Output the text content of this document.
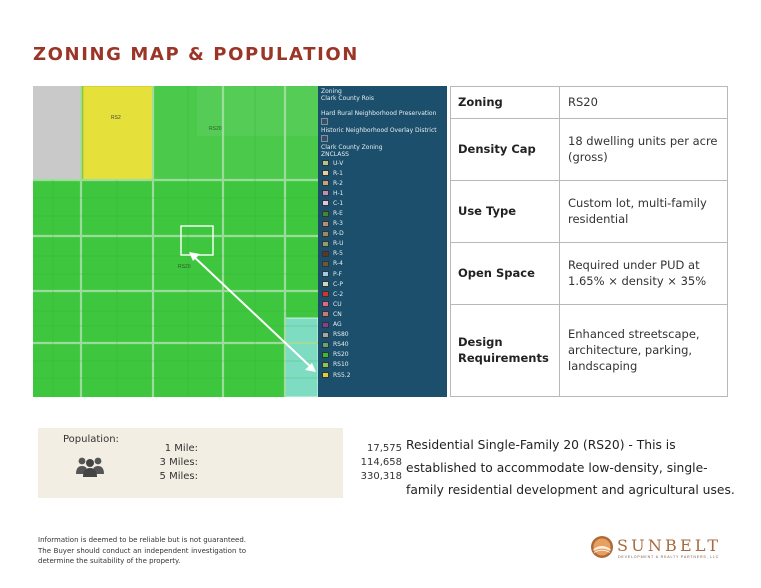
ZONING MAP & POPULATION
RS2
RS20
RS20
Zoning
Clark County Rois
Hard Rural Neighborhood Preservation
Historic Neighborhood Overlay District
Clark County Zoning
ZNCLASS
U-V
R-1
R-2
H-1
C-1
R-E
R-3
R-D
R-U
R-5
R-4
P-F
C-P
C-2
CU
CN
AG
RS80
RS40
RS20
RS10
RS5.2
Zoning	RS20
Density Cap	18 dwelling units per acre (gross)
Use Type	Custom lot, multi-family residential
Open Space	Required under PUD at 1.65% × density × 35%
Design Requirements	Enhanced streetscape, architecture, parking, landscaping
Population:
1 Mile:	17,575
3 Miles:	114,658
5 Miles:	330,318

Residential Single-Family 20 (RS20) - This is established to accommodate low-density, single-family residential development and agricultural uses.

Information is deemed to be reliable but is not guaranteed. The Buyer should conduct an independent investigation to determine the suitability of the property.

SUNBELT
DEVELOPMENT & REALTY PARTNERS, LLC
